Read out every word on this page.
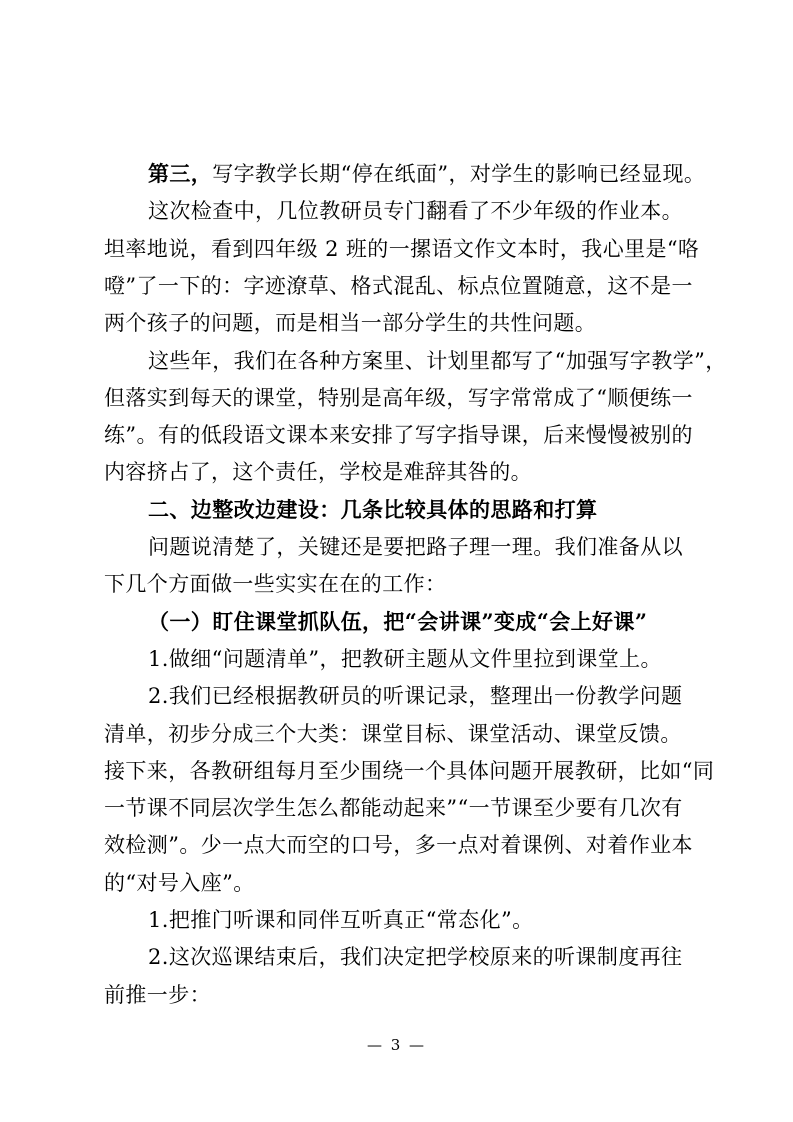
— 3 —
第三，写字教学长期“停在纸面”，对学生的影响已经显现。
这次检查中，几位教研员专门翻看了不少年级的作业本。
坦率地说，看到四年级 2 班的一摞语文作文本时，我心里是“咯
噔”了一下的：字迹潦草、格式混乱、标点位置随意，这不是一
两个孩子的问题，而是相当一部分学生的共性问题。
这些年，我们在各种方案里、计划里都写了“加强写字教学”，
但落实到每天的课堂，特别是高年级，写字常常成了“顺便练一
练”。有的低段语文课本来安排了写字指导课，后来慢慢被别的
内容挤占了，这个责任，学校是难辞其咎的。
二、边整改边建设：几条比较具体的思路和打算
问题说清楚了，关键还是要把路子理一理。我们准备从以
下几个方面做一些实实在在的工作：
（一）盯住课堂抓队伍，把“会讲课”变成“会上好课”
1.做细“问题清单”，把教研主题从文件里拉到课堂上。
2.我们已经根据教研员的听课记录，整理出一份教学问题
清单，初步分成三个大类：课堂目标、课堂活动、课堂反馈。
接下来，各教研组每月至少围绕一个具体问题开展教研，比如“同
一节课不同层次学生怎么都能动起来”“一节课至少要有几次有
效检测”。少一点大而空的口号，多一点对着课例、对着作业本
的“对号入座”。
1.把推门听课和同伴互听真正“常态化”。
2.这次巡课结束后，我们决定把学校原来的听课制度再往
前推一步：
